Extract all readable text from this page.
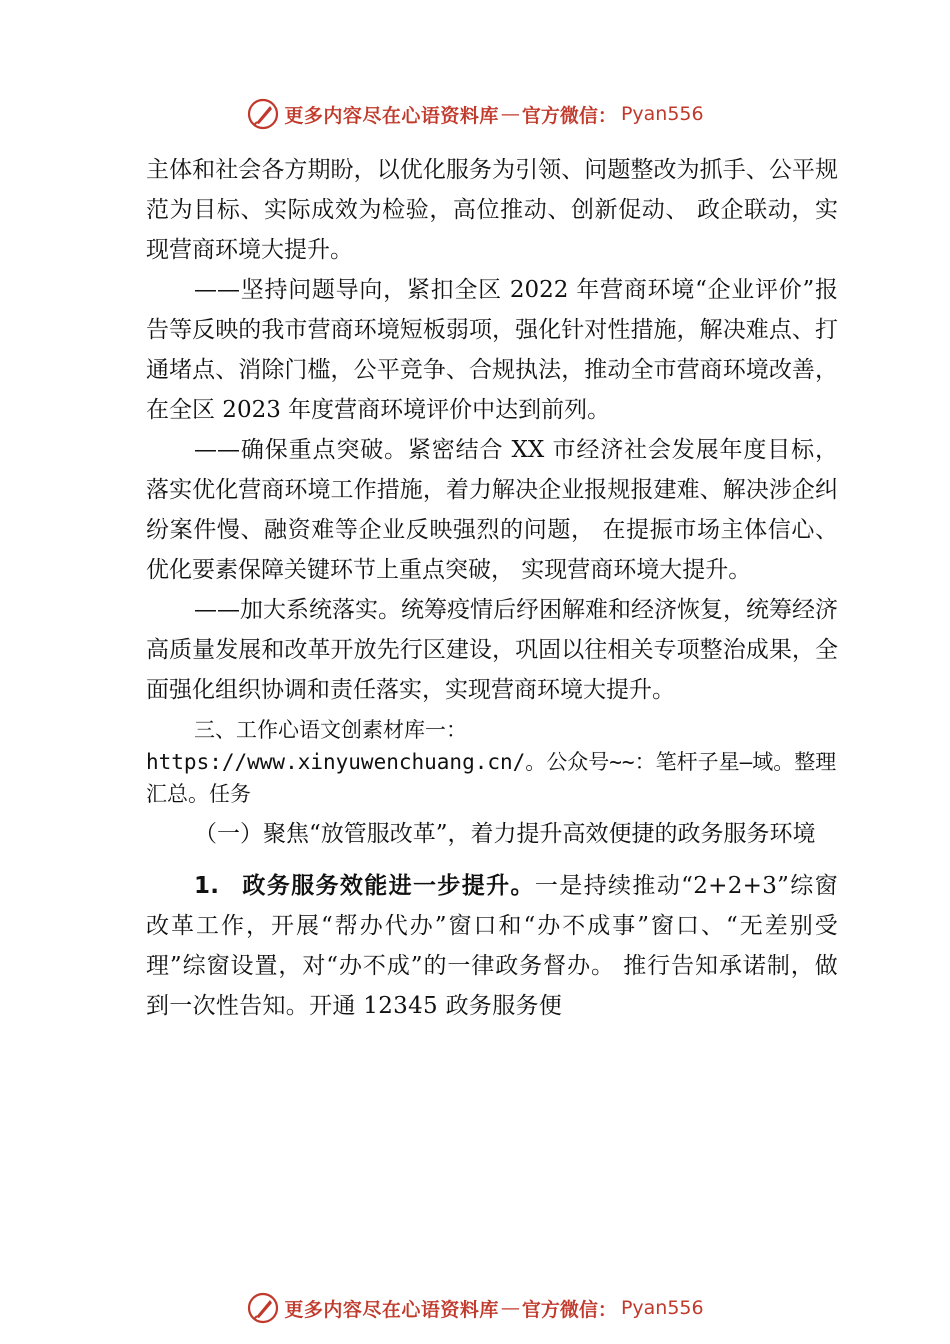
更多内容尽在心语资料库 — 官方微信： Pyan556

主体和社会各方期盼，以优化服务为引领、问题整改为抓手、公平规范为目标、实际成效为检验，高位推动、创新促动、 政企联动，实现营商环境大提升。

——坚持问题导向，紧扣全区 2022 年营商环境“企业评价”报告等反映的我市营商环境短板弱项，强化针对性措施，解决难点、打通堵点、消除门槛，公平竞争、合规执法，推动全市营商环境改善，在全区 2023 年度营商环境评价中达到前列。

——确保重点突破。紧密结合 XX 市经济社会发展年度目标，落实优化营商环境工作措施，着力解决企业报规报建难、解决涉企纠纷案件慢、融资难等企业反映强烈的问题， 在提振市场主体信心、优化要素保障关键环节上重点突破， 实现营商环境大提升。

——加大系统落实。统筹疫情后纾困解难和经济恢复，统筹经济高质量发展和改革开放先行区建设，巩固以往相关专项整治成果，全面强化组织协调和责任落实，实现营商环境大提升。

三、工作心语文创素材库一：https://www.xinyuwenchuang.cn/。公众号~~：笔杆子星—域。整理汇总。任务

（一）聚焦“放管服改革”，着力提升高效便捷的政务服务环境

1. 政务服务效能进一步提升。一是持续推动“2+2+3”综窗改革工作，开展“帮办代办”窗口和“办不成事”窗口、“无差别受理”综窗设置，对“办不成”的一律政务督办。 推行告知承诺制，做到一次性告知。开通 12345 政务服务便

更多内容尽在心语资料库 — 官方微信： Pyan556
